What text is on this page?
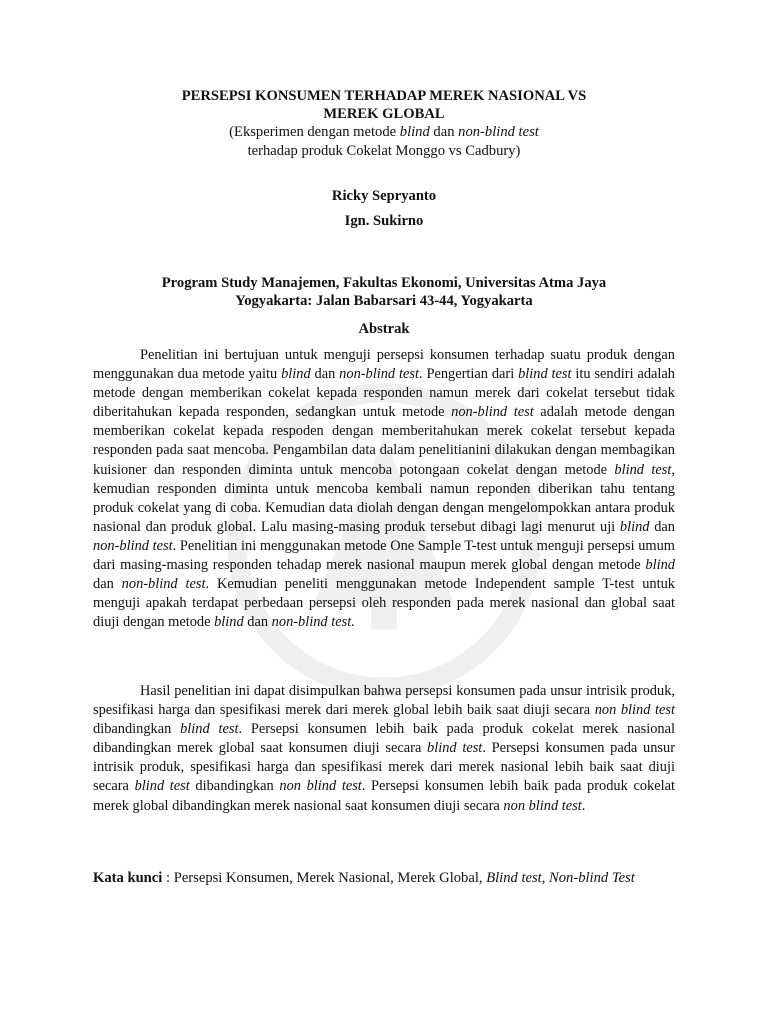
PERSEPSI KONSUMEN TERHADAP MEREK NASIONAL VS
MEREK GLOBAL
(Eksperimen dengan metode blind dan non-blind test
terhadap produk Cokelat Monggo vs Cadbury)
Ricky Sepryanto
Ign. Sukirno
Program Study Manajemen, Fakultas Ekonomi, Universitas Atma Jaya
Yogyakarta: Jalan Babarsari 43-44, Yogyakarta
Abstrak

Penelitian ini bertujuan untuk menguji persepsi konsumen terhadap suatu produk dengan menggunakan dua metode yaitu blind dan non-blind test. Pengertian dari blind test itu sendiri adalah metode dengan memberikan cokelat kepada responden namun merek dari cokelat tersebut tidak diberitahukan kepada responden, sedangkan untuk metode non-blind test adalah metode dengan memberikan cokelat kepada respoden dengan memberitahukan merek cokelat tersebut kepada responden pada saat mencoba. Pengambilan data dalam penelitianini dilakukan dengan membagikan kuisioner dan responden diminta untuk mencoba potongaan cokelat dengan metode blind test, kemudian responden diminta untuk mencoba kembali namun reponden diberikan tahu tentang produk cokelat yang di coba. Kemudian data diolah dengan dengan mengelompokkan antara produk nasional dan produk global. Lalu masing-masing produk tersebut dibagi lagi menurut uji blind dan non-blind test. Penelitian ini menggunakan metode One Sample T-test untuk menguji persepsi umum dari masing-masing responden tehadap merek nasional maupun merek global dengan metode blind dan non-blind test. Kemudian peneliti menggunakan metode Independent sample T-test untuk menguji apakah terdapat perbedaan persepsi oleh responden pada merek nasional dan global saat diuji dengan metode blind dan non-blind test.

Hasil penelitian ini dapat disimpulkan bahwa persepsi konsumen pada unsur intrisik produk, spesifikasi harga dan spesifikasi merek dari merek global lebih baik saat diuji secara non blind test dibandingkan blind test. Persepsi konsumen lebih baik pada produk cokelat merek nasional dibandingkan merek global saat konsumen diuji secara blind test. Persepsi konsumen pada unsur intrisik produk, spesifikasi harga dan spesifikasi merek dari merek nasional lebih baik saat diuji secara blind test dibandingkan non blind test. Persepsi konsumen lebih baik pada produk cokelat merek global dibandingkan merek nasional saat konsumen diuji secara non blind test.

Kata kunci : Persepsi Konsumen, Merek Nasional, Merek Global, Blind test, Non-blind Test
